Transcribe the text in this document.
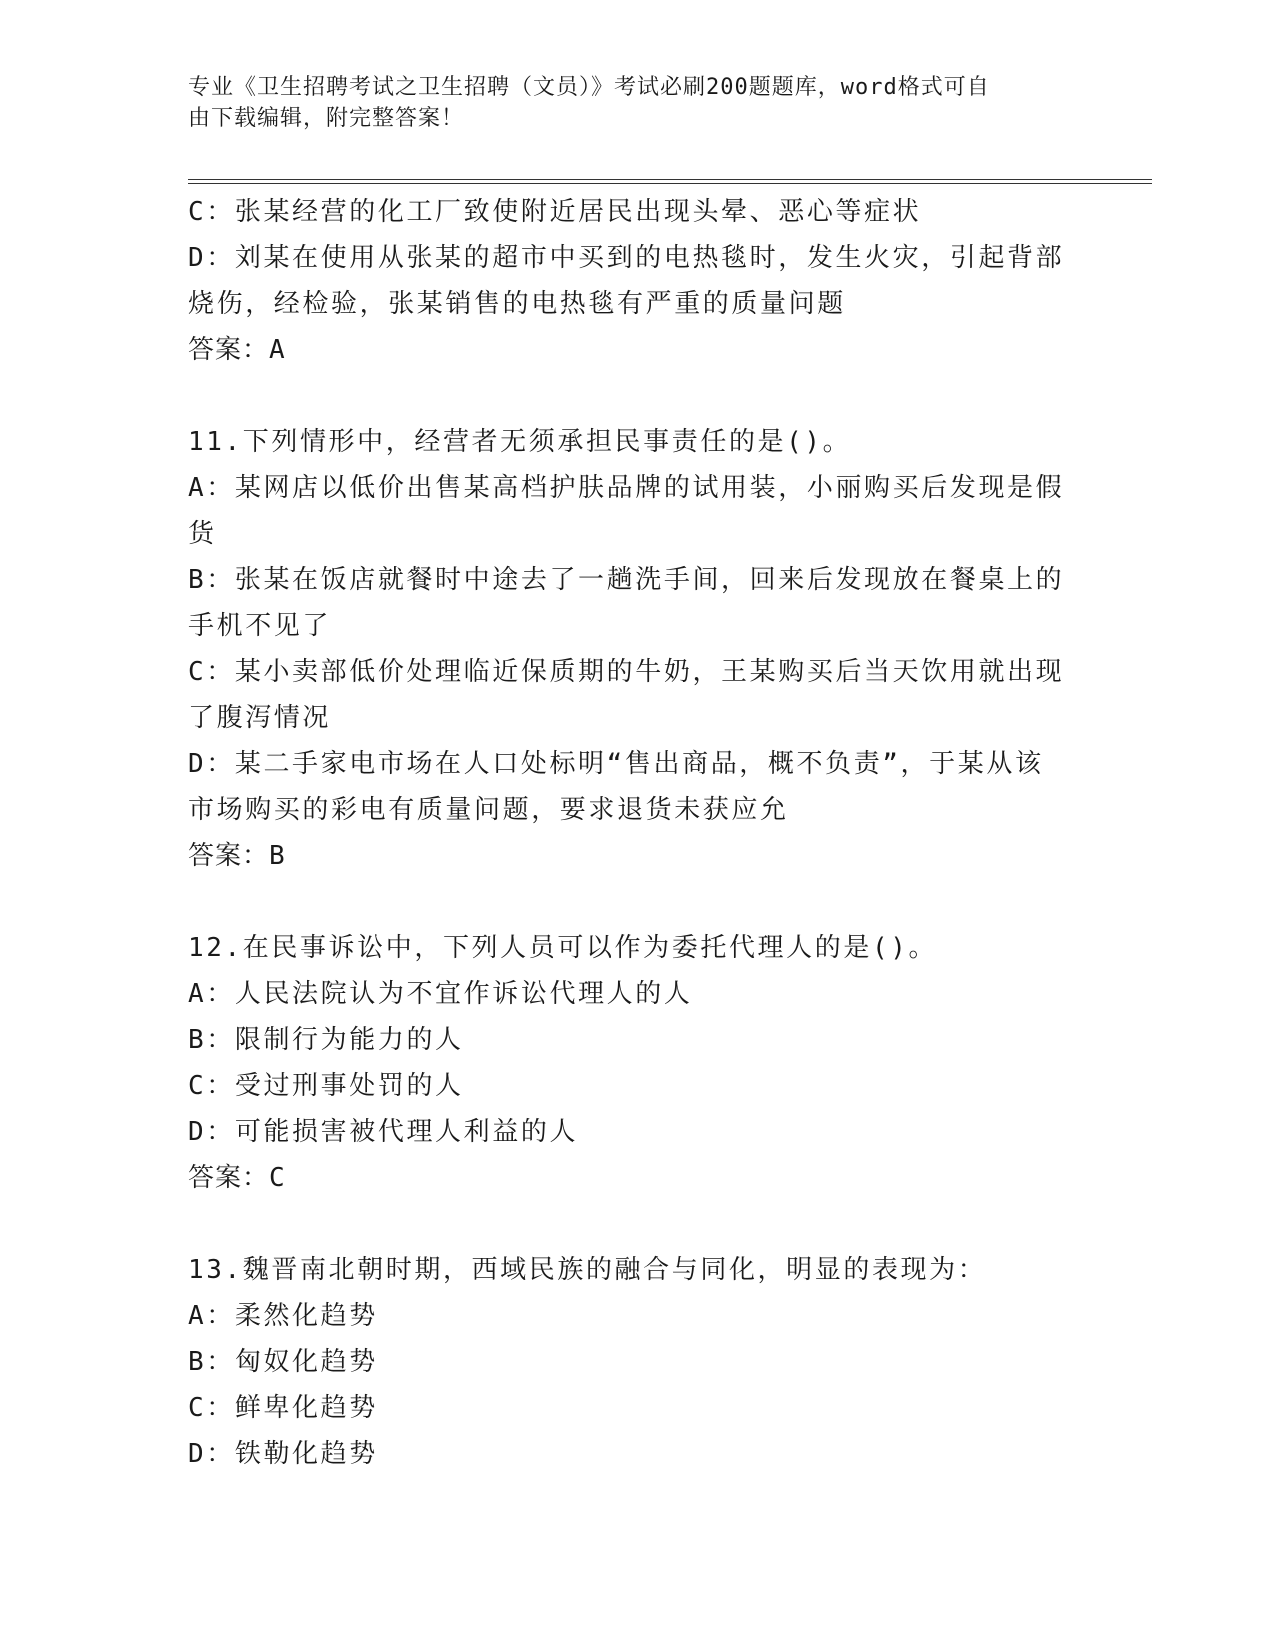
专业《卫生招聘考试之卫生招聘（文员）》考试必刷200题题库，word格式可自
由下载编辑，附完整答案！
C：张某经营的化工厂致使附近居民出现头晕、恶心等症状
D：刘某在使用从张某的超市中买到的电热毯时，发生火灾，引起背部
烧伤，经检验，张某销售的电热毯有严重的质量问题
答案：A
11.下列情形中，经营者无须承担民事责任的是()。
A：某网店以低价出售某高档护肤品牌的试用装，小丽购买后发现是假
货
B：张某在饭店就餐时中途去了一趟洗手间，回来后发现放在餐桌上的
手机不见了
C：某小卖部低价处理临近保质期的牛奶，王某购买后当天饮用就出现
了腹泻情况
D：某二手家电市场在人口处标明“售出商品，概不负责”，于某从该
市场购买的彩电有质量问题，要求退货未获应允
答案：B
12.在民事诉讼中，下列人员可以作为委托代理人的是()。
A：人民法院认为不宜作诉讼代理人的人
B：限制行为能力的人
C：受过刑事处罚的人
D：可能损害被代理人利益的人
答案：C
13.魏晋南北朝时期，西域民族的融合与同化，明显的表现为：
A：柔然化趋势
B：匈奴化趋势
C：鲜卑化趋势
D：铁勒化趋势
